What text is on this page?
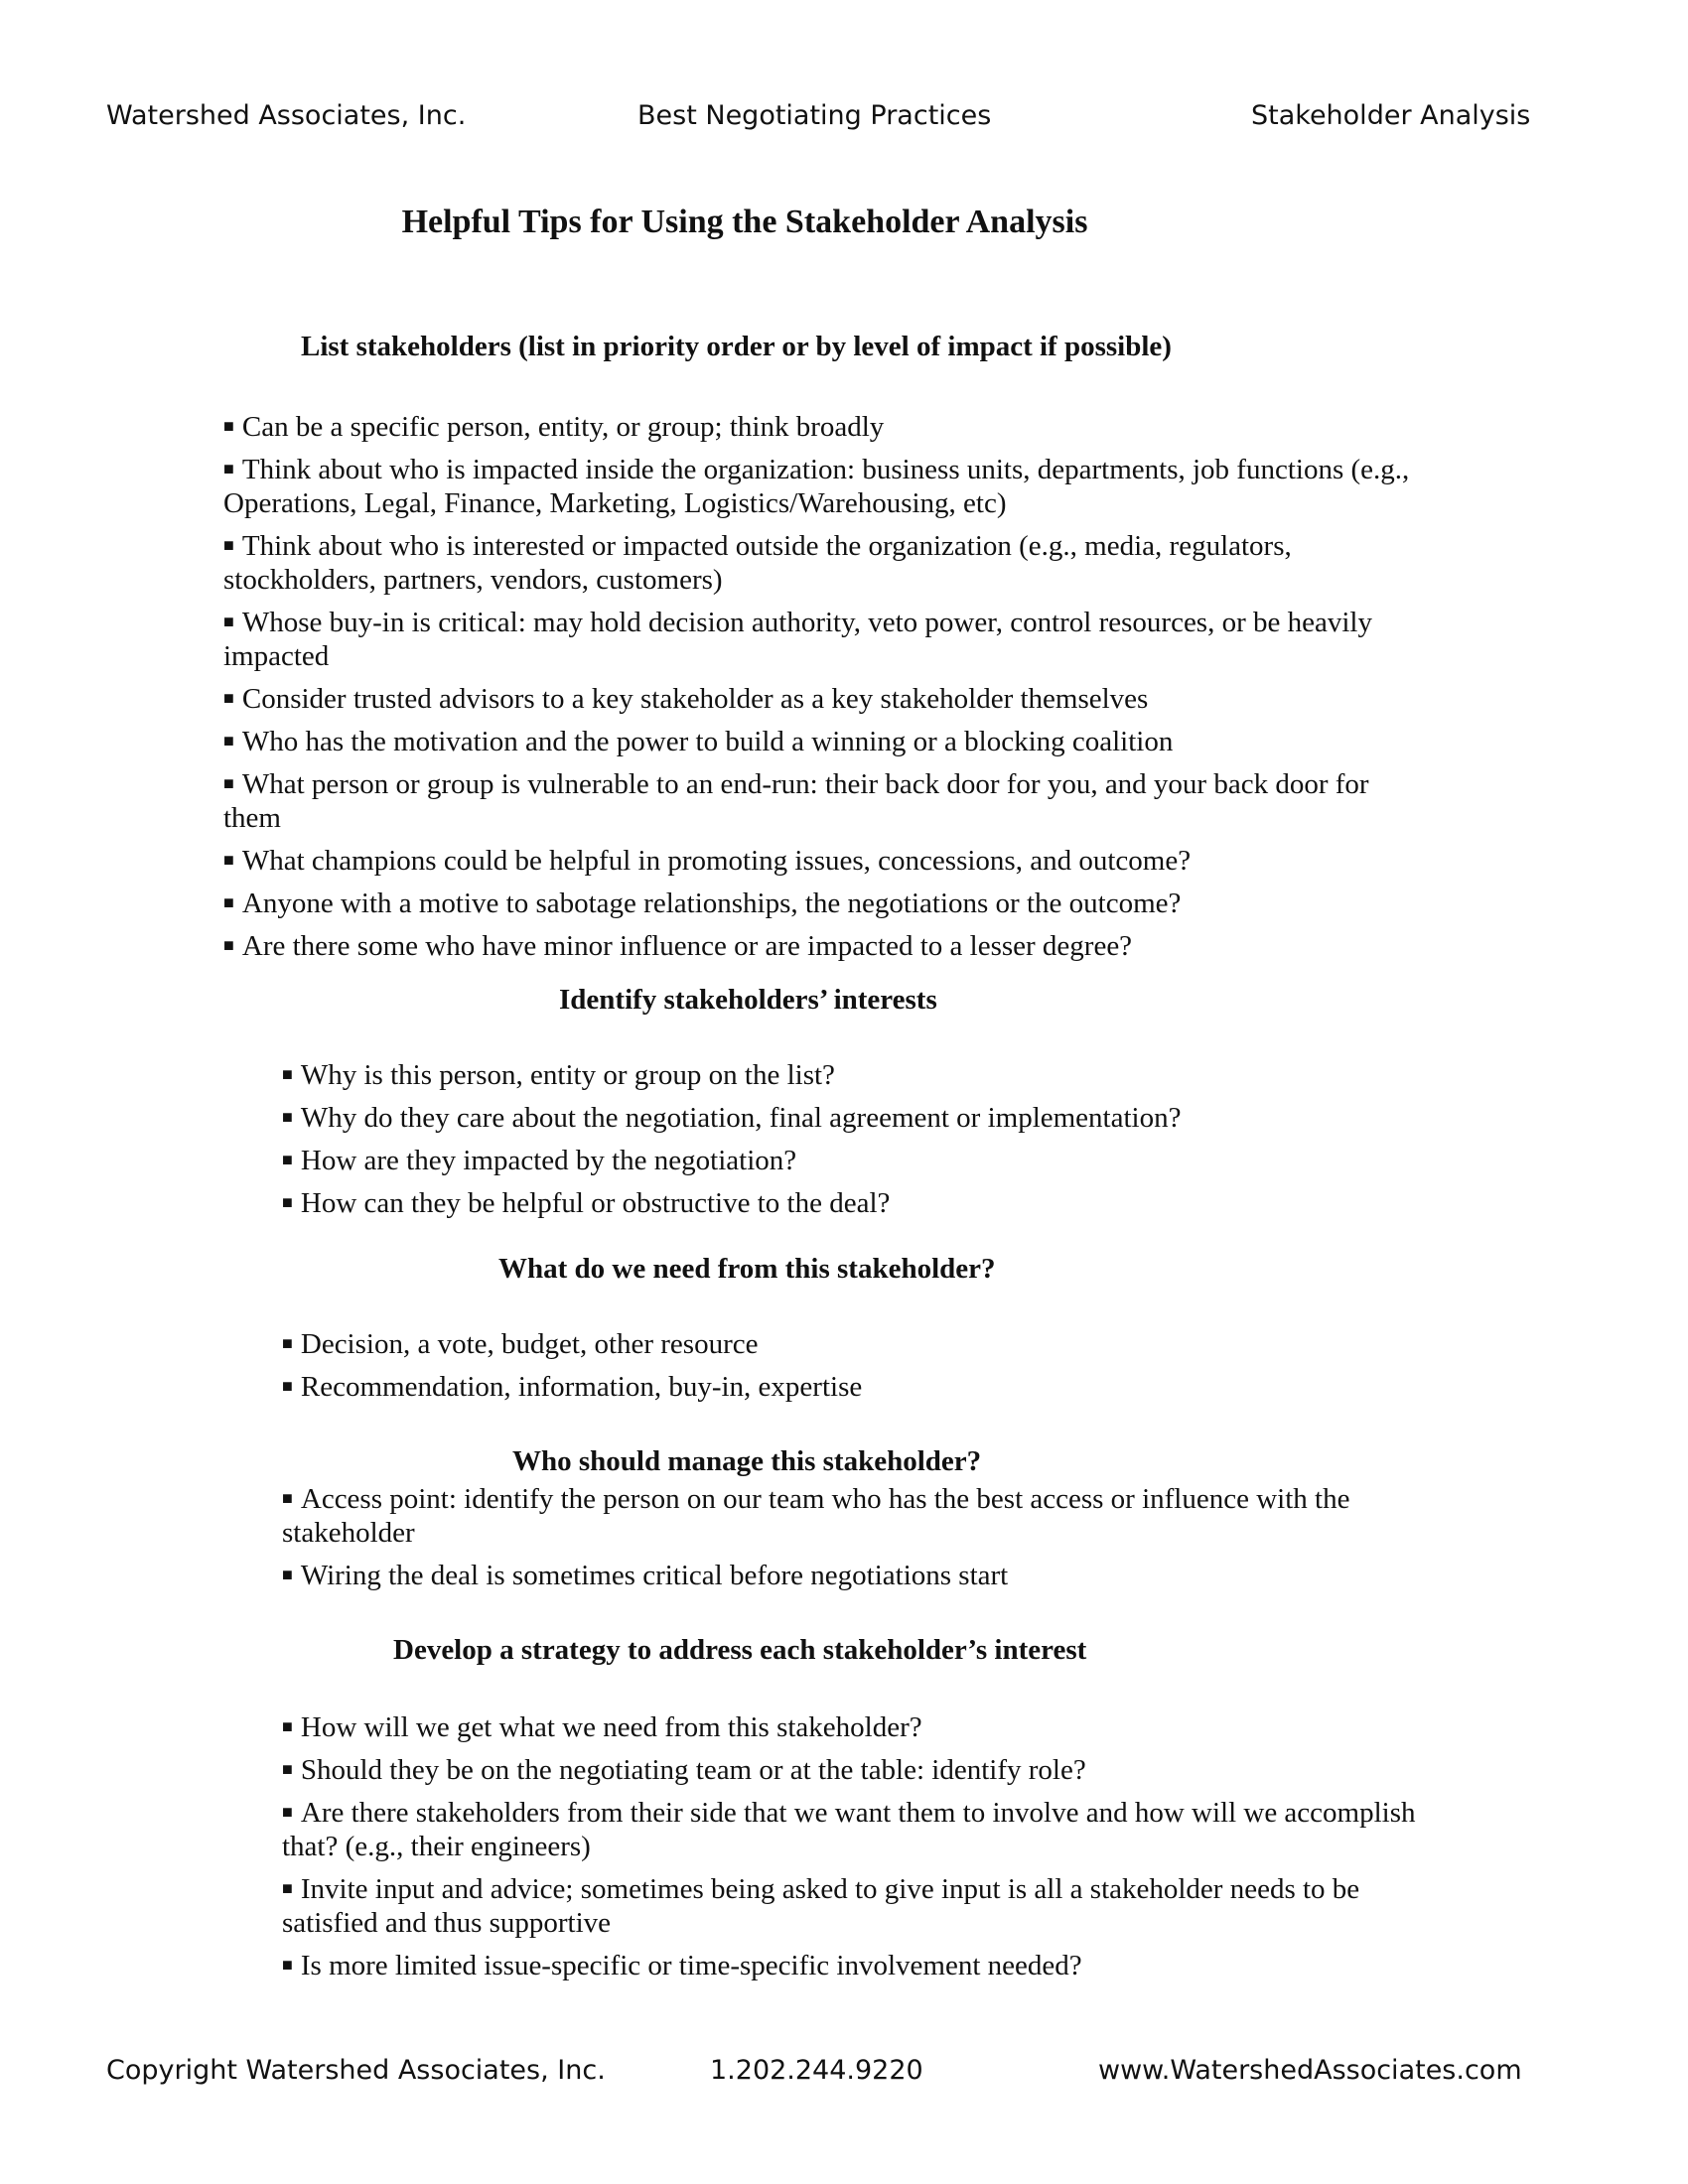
Watershed Associates, Inc.	Best Negotiating Practices	Stakeholder Analysis
Helpful Tips for Using the Stakeholder Analysis
List stakeholders (list in priority order or by level of impact if possible)
■ Can be a specific person, entity, or group; think broadly
■ Think about who is impacted inside the organization: business units, departments, job functions (e.g., Operations, Legal, Finance, Marketing, Logistics/Warehousing, etc)
■ Think about who is interested or impacted outside the organization (e.g., media, regulators, stockholders, partners, vendors, customers)
■ Whose buy-in is critical: may hold decision authority, veto power, control resources, or be heavily impacted
■ Consider trusted advisors to a key stakeholder as a key stakeholder themselves
■ Who has the motivation and the power to build a winning or a blocking coalition
■ What person or group is vulnerable to an end-run: their back door for you, and your back door for them
■ What champions could be helpful in promoting issues, concessions, and outcome?
■ Anyone with a motive to sabotage relationships, the negotiations or the outcome?
■ Are there some who have minor influence or are impacted to a lesser degree?
Identify stakeholders’ interests
■ Why is this person, entity or group on the list?
■ Why do they care about the negotiation, final agreement or implementation?
■ How are they impacted by the negotiation?
■ How can they be helpful or obstructive to the deal?
What do we need from this stakeholder?
■ Decision, a vote, budget, other resource
■ Recommendation, information, buy-in, expertise
Who should manage this stakeholder?
■ Access point: identify the person on our team who has the best access or influence with the stakeholder
■ Wiring the deal is sometimes critical before negotiations start
Develop a strategy to address each stakeholder’s interest
■ How will we get what we need from this stakeholder?
■ Should they be on the negotiating team or at the table: identify role?
■ Are there stakeholders from their side that we want them to involve and how will we accomplish that? (e.g., their engineers)
■ Invite input and advice; sometimes being asked to give input is all a stakeholder needs to be satisfied and thus supportive
■ Is more limited issue-specific or time-specific involvement needed?
Copyright Watershed Associates, Inc.	1.202.244.9220	www.WatershedAssociates.com
